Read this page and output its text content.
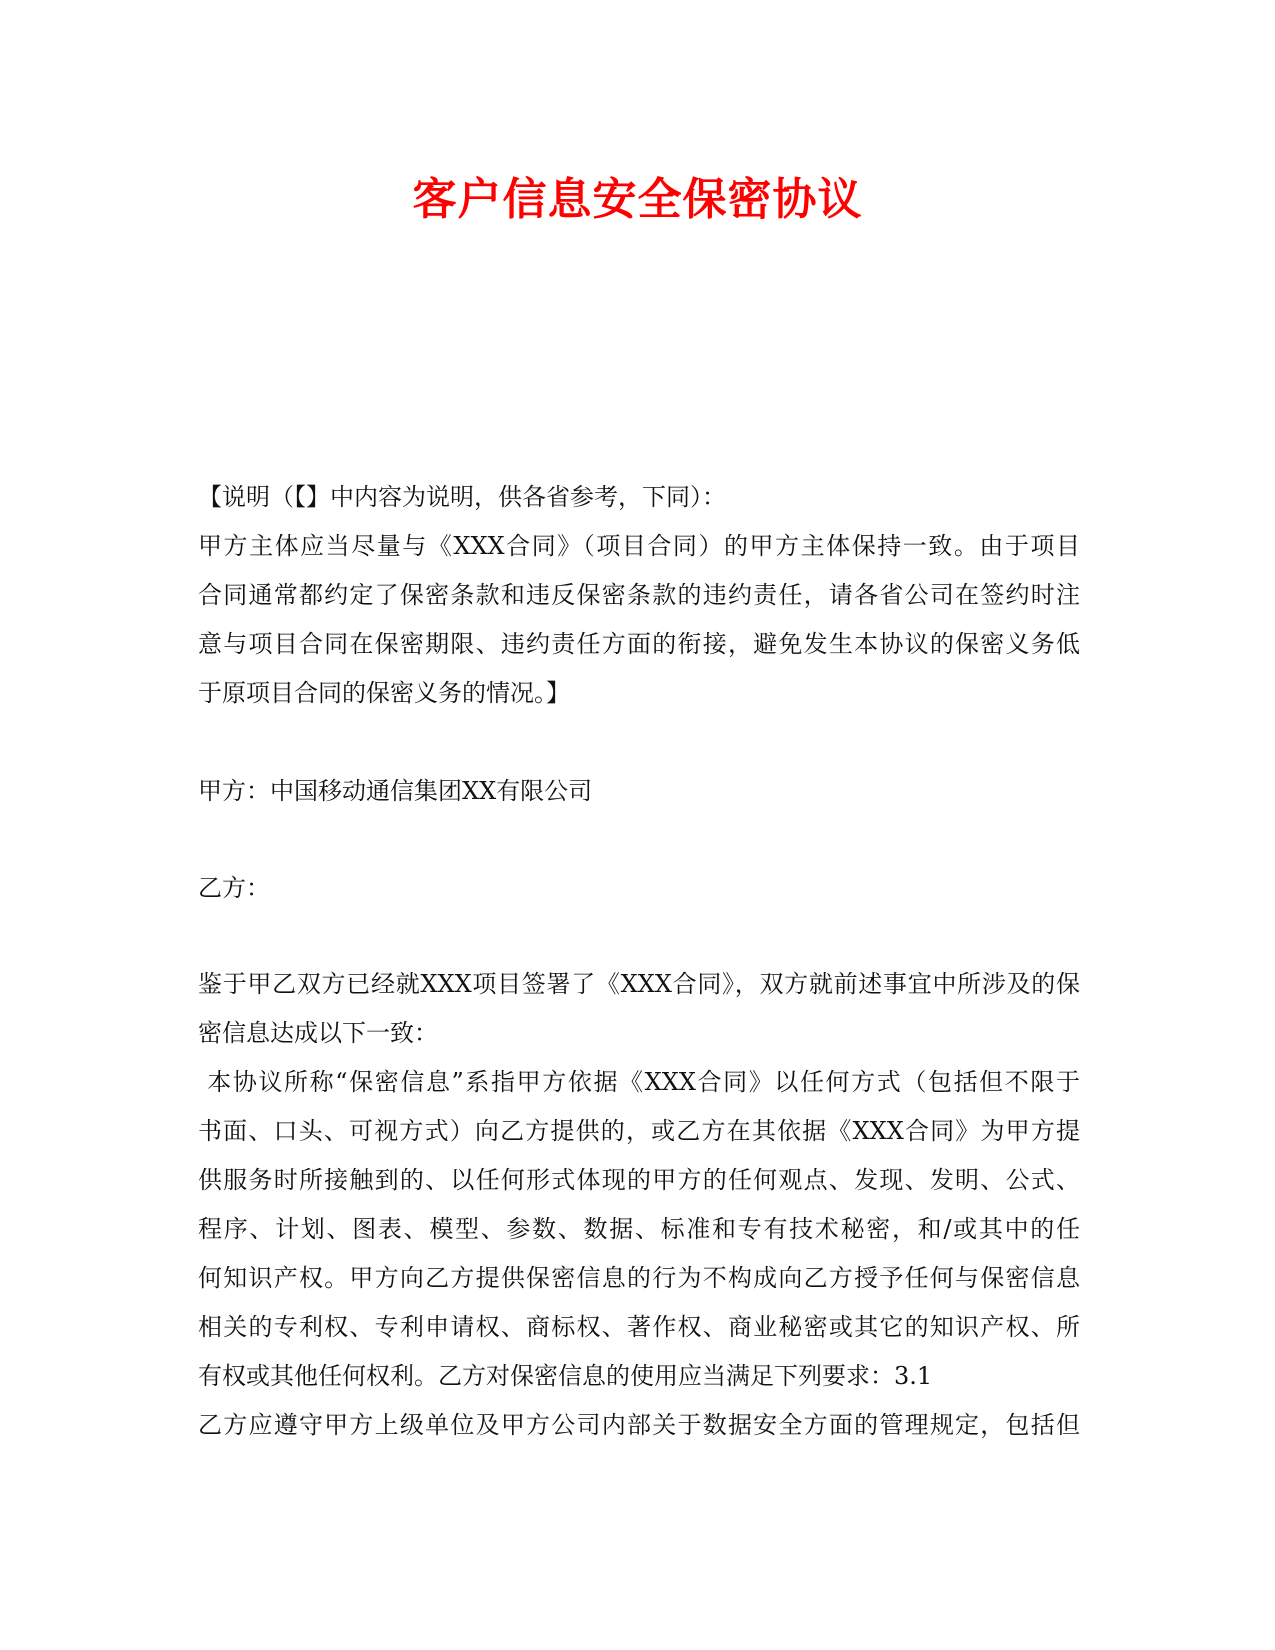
客户信息安全保密协议
【说明（【】中内容为说明，供各省参考，下同）：
甲方主体应当尽量与《XXX合同》（项目合同）的甲方主体保持一致。由于项目
合同通常都约定了保密条款和违反保密条款的违约责任，请各省公司在签约时注
意与项目合同在保密期限、违约责任方面的衔接，避免发生本协议的保密义务低
于原项目合同的保密义务的情况。】
甲方：中国移动通信集团XX有限公司
乙方：
鉴于甲乙双方已经就XXX项目签署了《XXX合同》，双方就前述事宜中所涉及的保
密信息达成以下一致：
本协议所称“保密信息”系指甲方依据《XXX合同》以任何方式（包括但不限于
书面、口头、可视方式）向乙方提供的，或乙方在其依据《XXX合同》为甲方提
供服务时所接触到的、以任何形式体现的甲方的任何观点、发现、发明、公式、
程序、计划、图表、模型、参数、数据、标准和专有技术秘密，和/或其中的任
何知识产权。甲方向乙方提供保密信息的行为不构成向乙方授予任何与保密信息
相关的专利权、专利申请权、商标权、著作权、商业秘密或其它的知识产权、所
有权或其他任何权利。乙方对保密信息的使用应当满足下列要求：3.1
乙方应遵守甲方上级单位及甲方公司内部关于数据安全方面的管理规定，包括但
